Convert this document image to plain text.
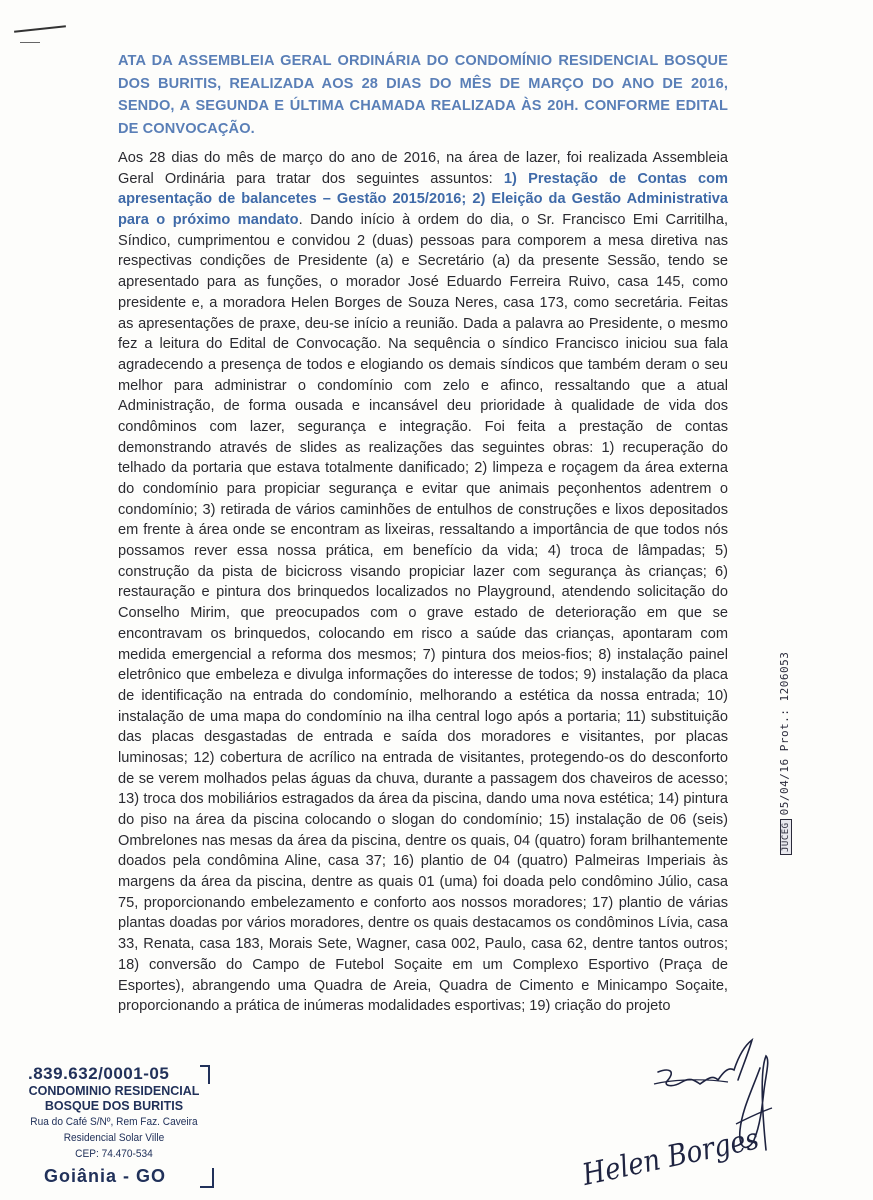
ATA DA ASSEMBLEIA GERAL ORDINÁRIA DO CONDOMÍNIO RESIDENCIAL BOSQUE DOS BURITIS, REALIZADA AOS 28 DIAS DO MÊS DE MARÇO DO ANO DE 2016, SENDO, A SEGUNDA E ÚLTIMA CHAMADA REALIZADA ÀS 20H. CONFORME EDITAL DE CONVOCAÇÃO.
Aos 28 dias do mês de março do ano de 2016, na área de lazer, foi realizada Assembleia Geral Ordinária para tratar dos seguintes assuntos: 1) Prestação de Contas com apresentação de balancetes – Gestão 2015/2016; 2) Eleição da Gestão Administrativa para o próximo mandato. Dando início à ordem do dia, o Sr. Francisco Emi Carritilha, Síndico, cumprimentou e convidou 2 (duas) pessoas para comporem a mesa diretiva nas respectivas condições de Presidente (a) e Secretário (a) da presente Sessão, tendo se apresentado para as funções, o morador José Eduardo Ferreira Ruivo, casa 145, como presidente e, a moradora Helen Borges de Souza Neres, casa 173, como secretária. Feitas as apresentações de praxe, deu-se início a reunião. Dada a palavra ao Presidente, o mesmo fez a leitura do Edital de Convocação. Na sequência o síndico Francisco iniciou sua fala agradecendo a presença de todos e elogiando os demais síndicos que também deram o seu melhor para administrar o condomínio com zelo e afinco, ressaltando que a atual Administração, de forma ousada e incansável deu prioridade à qualidade de vida dos condôminos com lazer, segurança e integração. Foi feita a prestação de contas demonstrando através de slides as realizações das seguintes obras: 1) recuperação do telhado da portaria que estava totalmente danificado; 2) limpeza e roçagem da área externa do condomínio para propiciar segurança e evitar que animais peçonhentos adentrem o condomínio; 3) retirada de vários caminhões de entulhos de construções e lixos depositados em frente à área onde se encontram as lixeiras, ressaltando a importância de que todos nós possamos rever essa nossa prática, em benefício da vida; 4) troca de lâmpadas; 5) construção da pista de bicicross visando propiciar lazer com segurança às crianças; 6) restauração e pintura dos brinquedos localizados no Playground, atendendo solicitação do Conselho Mirim, que preocupados com o grave estado de deterioração em que se encontravam os brinquedos, colocando em risco a saúde das crianças, apontaram com medida emergencial a reforma dos mesmos; 7) pintura dos meios-fios; 8) instalação painel eletrônico que embeleza e divulga informações do interesse de todos; 9) instalação da placa de identificação na entrada do condomínio, melhorando a estética da nossa entrada; 10) instalação de uma mapa do condomínio na ilha central logo após a portaria; 11) substituição das placas desgastadas de entrada e saída dos moradores e visitantes, por placas luminosas; 12) cobertura de acrílico na entrada de visitantes, protegendo-os do desconforto de se verem molhados pelas águas da chuva, durante a passagem dos chaveiros de acesso; 13) troca dos mobiliários estragados da área da piscina, dando uma nova estética; 14) pintura do piso na área da piscina colocando o slogan do condomínio; 15) instalação de 06 (seis) Ombrelones nas mesas da área da piscina, dentre os quais, 04 (quatro) foram brilhantemente doados pela condômina Aline, casa 37; 16) plantio de 04 (quatro) Palmeiras Imperiais às margens da área da piscina, dentre as quais 01 (uma) foi doada pelo condômino Júlio, casa 75, proporcionando embelezamento e conforto aos nossos moradores; 17) plantio de várias plantas doadas por vários moradores, dentre os quais destacamos os condôminos Lívia, casa 33, Renata, casa 183, Morais Sete, Wagner, casa 002, Paulo, casa 62, dentre tantos outros; 18) conversão do Campo de Futebol Soçaite em um Complexo Esportivo (Praça de Esportes), abrangendo uma Quadra de Areia, Quadra de Cimento e Minicampo Soçaite, proporcionando a prática de inúmeras modalidades esportivas; 19) criação do projeto
JUCEG05/04/16 Prot.: 1206053
.839.632/0001-05
CONDOMINIO RESIDENCIAL
BOSQUE DOS BURITIS
Rua do Café S/Nº, Rem Faz. Caveira
Residencial Solar Ville
CEP: 74.470-534
Goiânia - GO	Helen Borges
